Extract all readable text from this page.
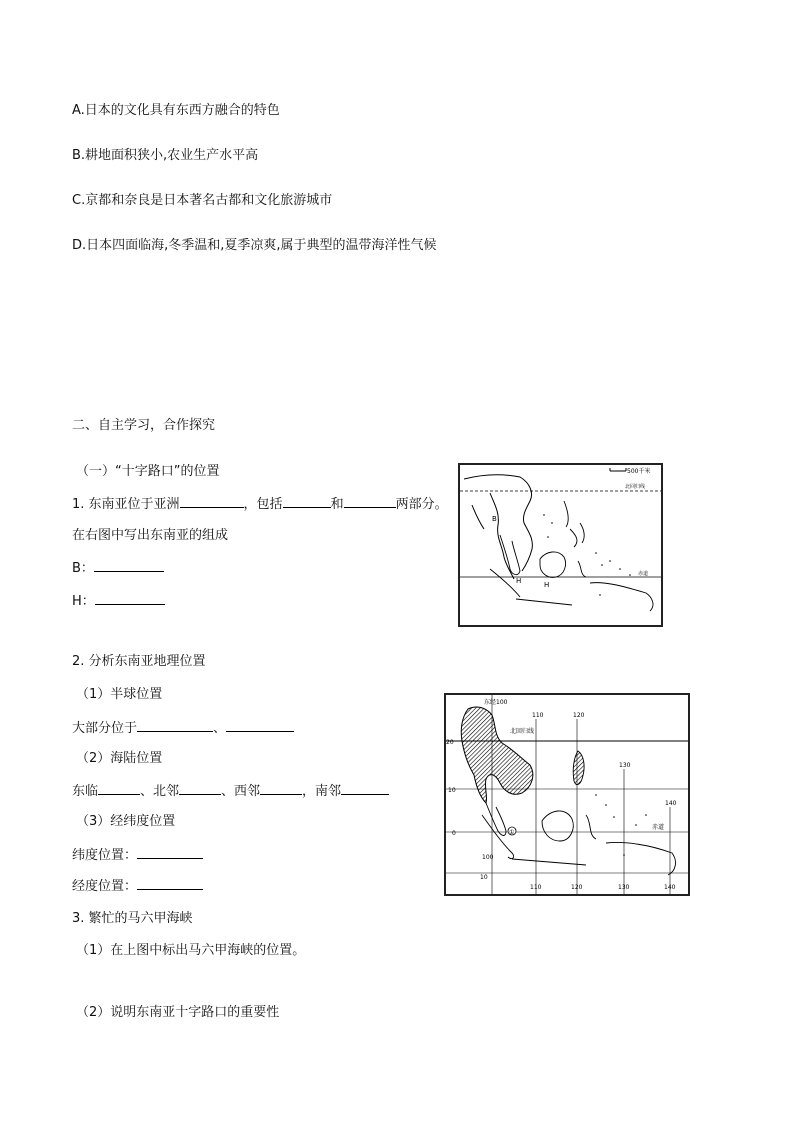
A.日本的文化具有东西方融合的特色
B.耕地面积狭小,农业生产水平高
C.京都和奈良是日本著名古都和文化旅游城市
D.日本四面临海,冬季温和,夏季凉爽,属于典型的温带海洋性气候
二、自主学习，合作探究
（一）“十字路口”的位置
1. 东南亚位于亚洲	，包括	和	两部分。
在右图中写出东南亚的组成
B：
H：
500千米
北回归线
赤道
B
H	H
2. 分析东南亚地理位置
（1）半球位置
大部分位于	、
（2）海陆位置
东临	、北邻	、西邻	，南邻
（3）经纬度位置
纬度位置：
经度位置：
北回归线
东经100
110	120
130
140
20
10
0
10
100
110	120	130	140
赤道
①
3. 繁忙的马六甲海峡
（1）在上图中标出马六甲海峡的位置。
（2）说明东南亚十字路口的重要性
